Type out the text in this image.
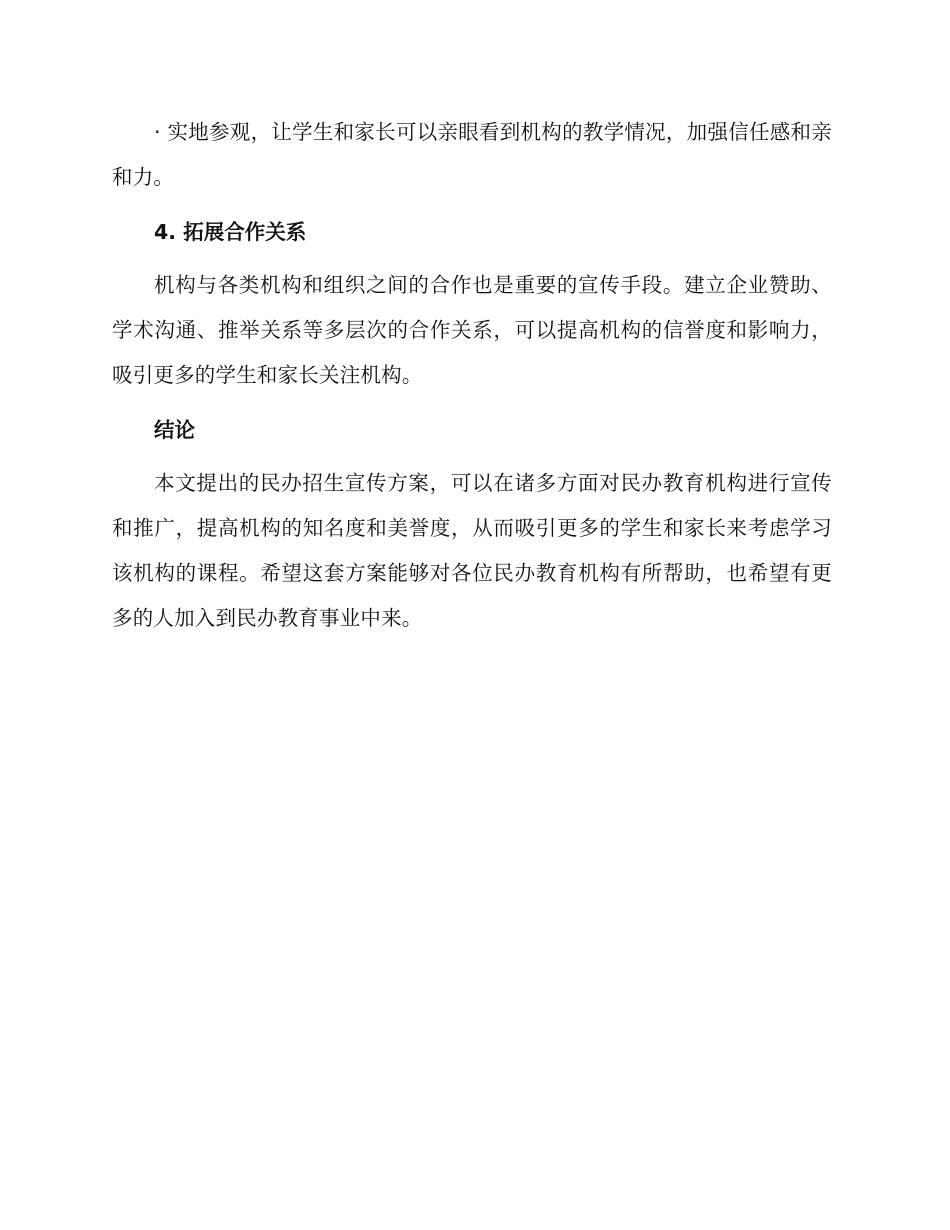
· 实地参观，让学生和家长可以亲眼看到机构的教学情况，加强信任感和亲和力。

4. 拓展合作关系

机构与各类机构和组织之间的合作也是重要的宣传手段。建立企业赞助、学术沟通、推举关系等多层次的合作关系，可以提高机构的信誉度和影响力，吸引更多的学生和家长关注机构。

结论

本文提出的民办招生宣传方案，可以在诸多方面对民办教育机构进行宣传和推广，提高机构的知名度和美誉度，从而吸引更多的学生和家长来考虑学习该机构的课程。希望这套方案能够对各位民办教育机构有所帮助，也希望有更多的人加入到民办教育事业中来。
